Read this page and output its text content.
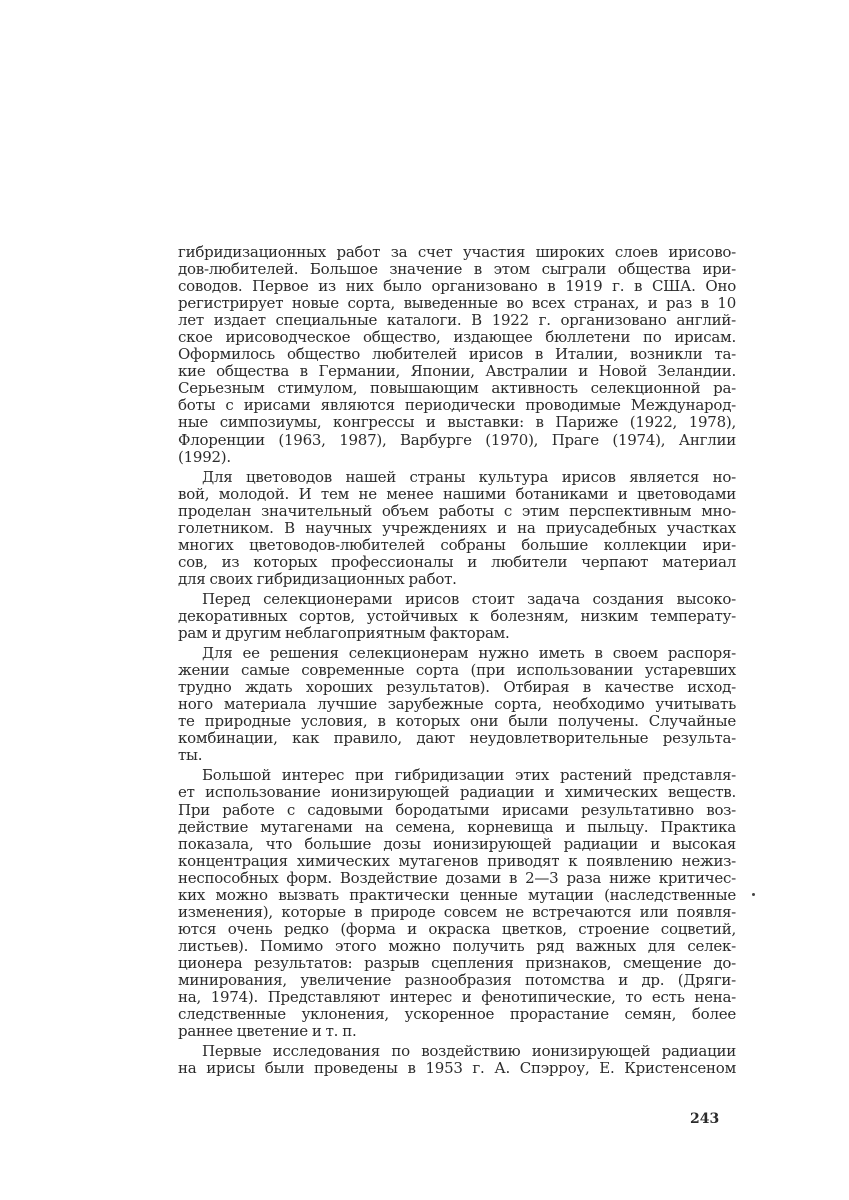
гибридизационных работ за счет участия широких слоев ирисово-
дов-любителей. Большое значение в этом сыграли общества ири-
соводов. Первое из них было организовано в 1919 г. в США. Оно
регистрирует новые сорта, выведенные во всех странах, и раз в 10
лет издает специальные каталоги. В 1922 г. организовано англий-
ское ирисоводческое общество, издающее бюллетени по ирисам.
Оформилось общество любителей ирисов в Италии, возникли та-
кие общества в Германии, Японии, Австралии и Новой Зеландии.
Серьезным стимулом, повышающим активность селекционной ра-
боты с ирисами являются периодически проводимые Международ-
ные симпозиумы, конгрессы и выставки: в Париже (1922, 1978),
Флоренции (1963, 1987), Варбурге (1970), Праге (1974), Англии
(1992).
Для цветоводов нашей страны культура ирисов является но-
вой, молодой. И тем не менее нашими ботаниками и цветоводами
проделан значительный объем работы с этим перспективным мно-
голетником. В научных учреждениях и на приусадебных участках
многих цветоводов-любителей собраны большие коллекции ири-
сов, из которых профессионалы и любители черпают материал
для своих гибридизационных работ.
Перед селекционерами ирисов стоит задача создания высоко-
декоративных сортов, устойчивых к болезням, низким температу-
рам и другим неблагоприятным факторам.
Для ее решения селекционерам нужно иметь в своем распоря-
жении самые современные сорта (при использовании устаревших
трудно ждать хороших результатов). Отбирая в качестве исход-
ного материала лучшие зарубежные сорта, необходимо учитывать
те природные условия, в которых они были получены. Случайные
комбинации, как правило, дают неудовлетворительные результа-
ты.
Большой интерес при гибридизации этих растений представля-
ет использование ионизирующей радиации и химических веществ.
При работе с садовыми бородатыми ирисами результативно воз-
действие мутагенами на семена, корневища и пыльцу. Практика
показала, что большие дозы ионизирующей радиации и высокая
концентрация химических мутагенов приводят к появлению нежиз-
неспособных форм. Воздействие дозами в 2—3 раза ниже критичес-
ких можно вызвать практически ценные мутации (наследственные
изменения), которые в природе совсем не встречаются или появля-
ются очень редко (форма и окраска цветков, строение соцветий,
листьев). Помимо этого можно получить ряд важных для селек-
ционера результатов: разрыв сцепления признаков, смещение до-
минирования, увеличение разнообразия потомства и др. (Дряги-
на, 1974). Представляют интерес и фенотипические, то есть нена-
следственные уклонения, ускоренное прорастание семян, более
раннее цветение и т. п.
Первые исследования по воздействию ионизирующей радиации
на ирисы были проведены в 1953 г. А. Спэрроу, Е. Кристенсеном
243
